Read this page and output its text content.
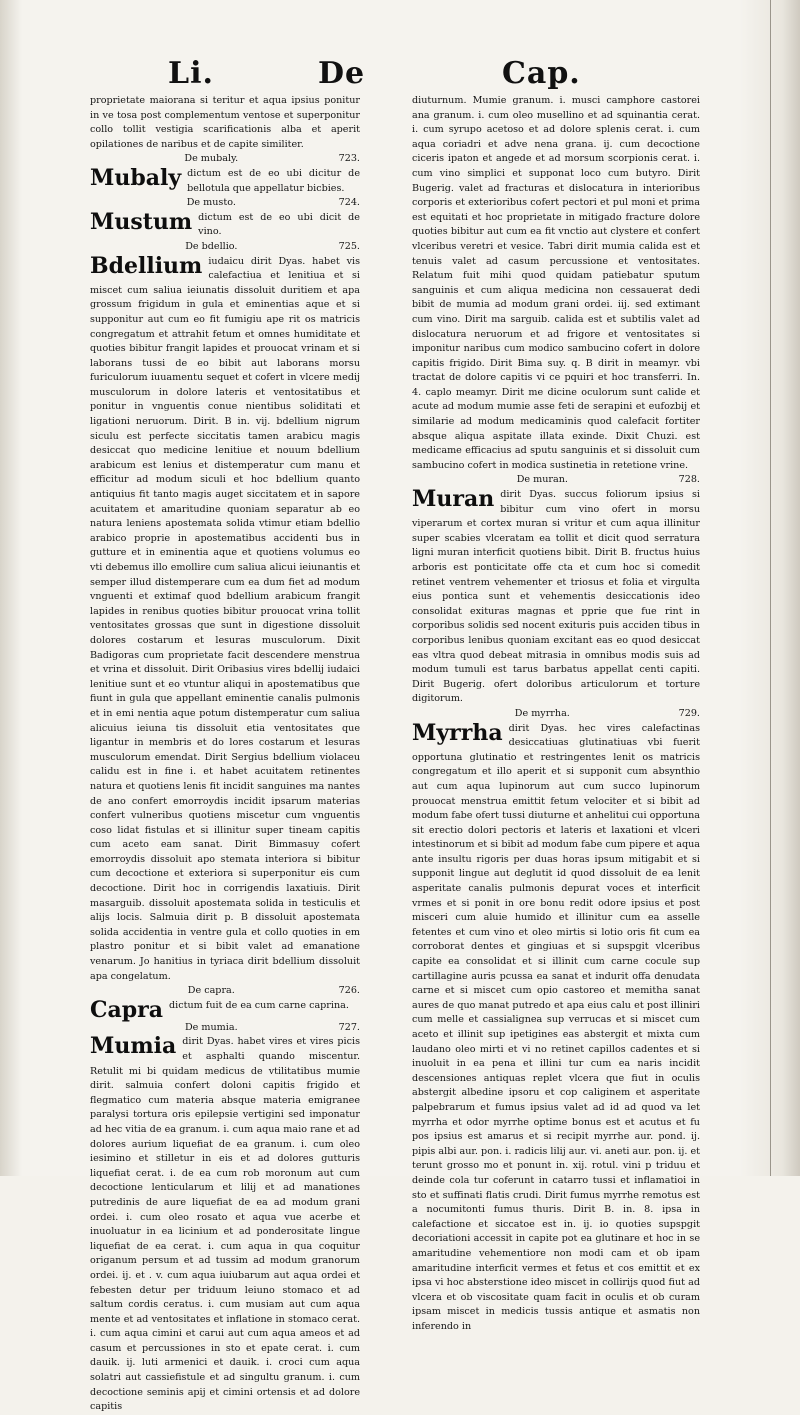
Li.	De	Cap.

proprietate maiorana si teritur et aqua ipsius ponitur in ve tosa post complementum ventose et superponitur collo tollit vestigia scarificationis alba et aperit opilationes de naribus et de capite similiter.

723.
De mubaly.

Mubaly dictum est de eo ubi dicitur de bellotula que appellatur bicbies.

724.
De musto.

Mustum dictum est de eo ubi dicit de vino.

725.
De bdellio.

Bdellium iudaicu dirit Dyas. habet vis calefactiua et lenitiua et si miscet cum saliua ieiunatis dissoluit duritiem et apa grossum frigidum in gula et eminentias aque et si supponitur aut cum eo fit fumigiu ape rit os matricis congregatum et attrahit fetum et omnes humiditate et quoties bibitur frangit lapides et prouocat vrinam et si laborans tussi de eo bibit aut laborans morsu furiculorum iuuamentu sequet et cofert in vlcere medij musculorum in dolore lateris et ventositatibus et ponitur in vnguentis conue nientibus soliditati et ligationi neruorum. Dirit. B in. vij. bdellium nigrum siculu est perfecte siccitatis tamen arabicu magis desiccat quo medicine lenitiue et nouum bdellium arabicum est lenius et distemperatur cum manu et efficitur ad modum siculi et hoc bdellium quanto antiquius fit tanto magis auget siccitatem et in sapore acuitatem et amaritudine quoniam separatur ab eo natura leniens apostemata solida vtimur etiam bdellio arabico proprie in apostematibus accidenti bus in gutture et in eminentia aque et quotiens volumus eo vti debemus illo emollire cum saliua alicui ieiunantis et semper illud distemperare cum ea dum fiet ad modum vnguenti et extimaf quod bdellium arabicum frangit lapides in renibus quoties bibitur prouocat vrina tollit ventositates grossas que sunt in digestione dissoluit dolores costarum et lesuras musculorum. Dixit Badigoras cum proprietate facit descendere menstrua et vrina et dissoluit. Dirit Oribasius vires bdellij iudaici lenitiue sunt et eo vtuntur aliqui in apostematibus que fiunt in gula que appellant eminentie canalis pulmonis et in emi nentia aque potum distemperatur cum saliua alicuius ieiuna tis dissoluit etia ventositates que ligantur in membris et do lores costarum et lesuras musculorum emendat. Dirit Sergius bdellium violaceu calidu est in fine i. et habet acuitatem retinentes natura et quotiens lenis fit incidit sanguines ma nantes de ano confert emorroydis incidit ipsarum materias confert vulneribus quotiens miscetur cum vnguentis coso lidat fistulas et si illinitur super tineam capitis cum aceto eam sanat. Dirit Bimmasuy cofert emorroydis dissoluit apo stemata interiora si bibitur cum decoctione et exteriora si superponitur eis cum decoctione. Dirit hoc in corrigendis laxatiuis. Dirit masarguib. dissoluit apostemata solida in testiculis et alijs locis. Salmuia dirit p. B dissoluit apostemata solida accidentia in ventre gula et collo quoties in em plastro ponitur et si bibit valet ad emanatione venarum. Jo hanitius in tyriaca dirit bdellium dissoluit apa congelatum.

726.
De capra.

Capra dictum fuit de ea cum carne caprina.

727.
De mumia.

Mumia dirit Dyas. habet vires et vires picis et asphalti quando miscentur. Retulit mi bi quidam medicus de vtilitatibus mumie dirit. salmuia confert doloni capitis frigido et flegmatico cum materia absque materia emigranee paralysi tortura oris epilepsie vertigini sed imponatur ad hec vitia de ea granum. i. cum aqua maio rane et ad dolores aurium liquefiat de ea granum. i. cum oleo iesimino et stilletur in eis et ad dolores gutturis liquefiat cerat. i. de ea cum rob moronum aut cum decoctione lenticularum et lilij et ad manationes putredinis de aure liquefiat de ea ad modum grani ordei. i. cum oleo rosato et aqua vue acerbe et inuoluatur in ea licinium et ad ponderositate lingue liquefiat de ea cerat. i. cum aqua in qua coquitur origanum persum et ad tussim ad modum granorum ordei. ij. et . v. cum aqua iuiubarum aut aqua ordei et febesten detur per triduum leiuno stomaco et ad saltum cordis ceratus. i. cum musiam aut cum aqua mente et ad ventositates et inflatione in stomaco cerat. i. cum aqua cimini et carui aut cum aqua ameos et ad casum et percussiones in sto et epate cerat. i. cum dauik. ij. luti armenici et dauik. i. croci cum aqua solatri aut cassiefistule et ad singultu granum. i. cum decoctione seminis apij et cimini ortensis et ad dolore capitis

diuturnum. Mumie granum. i. musci camphore castorei ana granum. i. cum oleo musellino et ad squinantia cerat. i. cum syrupo acetoso et ad dolore splenis cerat. i. cum aqua coriadri et adve nena grana. ij. cum decoctione ciceris ipaton et angede et ad morsum scorpionis cerat. i. cum vino simplici et supponat loco cum butyro. Dirit Bugerig. valet ad fracturas et dislocatura in interioribus corporis et exterioribus cofert pectori et pul moni et prima est equitati et hoc proprietate in mitigado fracture dolore quoties bibitur aut cum ea fit vnctio aut clystere et confert vlceribus veretri et vesice. Tabri dirit mumia calida est et tenuis valet ad casum percussione et ventositates. Relatum fuit mihi quod quidam patiebatur sputum sanguinis et cum aliqua medicina non cessauerat dedi bibit de mumia ad modum grani ordei. iij. sed extimant cum vino. Dirit ma sarguib. calida est et subtilis valet ad dislocatura neruorum et ad frigore et ventositates si imponitur naribus cum modico sambucino cofert in dolore capitis frigido. Dirit Bima suy. q. B dirit in meamyr. vbi tractat de dolore capitis vi ce pquiri et hoc transferri. In. 4. caplo meamyr. Dirit me dicine oculorum sunt calide et acute ad modum mumie asse feti de serapini et eufozbij et similarie ad modum medicaminis quod calefacit fortiter absque aliqua aspitate illata exinde. Dixit Chuzi. est medicame efficacius ad sputu sanguinis et si dissoluit cum sambucino cofert in modica sustinetia in retetione vrine.

728.
De muran.

Muran dirit Dyas. succus foliorum ipsius si bibitur cum vino ofert in morsu viperarum et cortex muran si vritur et cum aqua illinitur super scabies vlceratam ea tollit et dicit quod serratura ligni muran interficit quotiens bibit. Dirit B. fructus huius arboris est ponticitate offe cta et cum hoc si comedit retinet ventrem vehementer et triosus et folia et virgulta eius pontica sunt et vehementis desiccationis ideo consolidat exituras magnas et pprie que fue rint in corporibus solidis sed nocent exituris puis acciden tibus in corporibus lenibus quoniam excitant eas eo quod desiccat eas vltra quod debeat mitrasia in omnibus modis suis ad modum tumuli est tarus barbatus appellat centi capiti. Dirit Bugerig. ofert doloribus articulorum et torture digitorum.

729.
De myrrha.

Myrrha dirit Dyas. hec vires calefactinas desiccatiuas glutinatiuas vbi fuerit opportuna glutinatio et restringentes lenit os matricis congregatum et illo aperit et si supponit cum absynthio aut cum aqua lupinorum aut cum succo lupinorum prouocat menstrua emittit fetum velociter et si bibit ad modum fabe ofert tussi diuturne et anhelitui cui opportuna sit erectio dolori pectoris et lateris et laxationi et vlceri intestinorum et si bibit ad modum fabe cum pipere et aqua ante insultu rigoris per duas horas ipsum mitigabit et si supponit lingue aut deglutit id quod dissoluit de ea lenit asperitate canalis pulmonis depurat voces et interficit vrmes et si ponit in ore bonu redit odore ipsius et post misceri cum aluie humido et illinitur cum ea asselle fetentes et cum vino et oleo mirtis si lotio oris fit cum ea corroborat dentes et gingiuas et si supspgit vlceribus capite ea consolidat et si illinit cum carne cocule sup cartillagine auris pcussa ea sanat et indurit offa denudata carne et si miscet cum opio castoreo et memitha sanat aures de quo manat putredo et apa eius calu et post illiniri cum melle et cassialignea sup verrucas et si miscet cum aceto et illinit sup ipetigines eas abstergit et mixta cum laudano oleo mirti et vi no retinet capillos cadentes et si inuoluit in ea pena et illini tur cum ea naris incidit descensiones antiquas replet vlcera que fiut in oculis abstergit albedine ipsoru et cop caliginem et asperitate palpebrarum et fumus ipsius valet ad id ad quod va let myrrha et odor myrrhe optime bonus est et acutus et fu pos ipsius est amarus et si recipit myrrhe aur. pond. ij. pipis albi aur. pon. i. radicis lilij aur. vi. aneti aur. pon. ij. et terunt grosso mo et ponunt in. xij. rotul. vini p triduu et deinde cola tur coferunt in catarro tussi et inflamatioi in sto et suffinati flatis crudi. Dirit fumus myrrhe remotus est a nocumitonti fumus thuris. Dirit B. in. 8. ipsa in calefactione et siccatoe est in. ij. io quoties supspgit decoriationi accessit in capite pot ea glutinare et hoc in se amaritudine vehementiore non modi cam et ob ipam amaritudine interficit vermes et fetus et cos emittit et ex ipsa vi hoc absterstione ideo miscet in collirijs quod fiut ad vlcera et ob viscositate quam facit in oculis et ob curam ipsam miscet in medicis tussis antique et asmatis non inferendo in
